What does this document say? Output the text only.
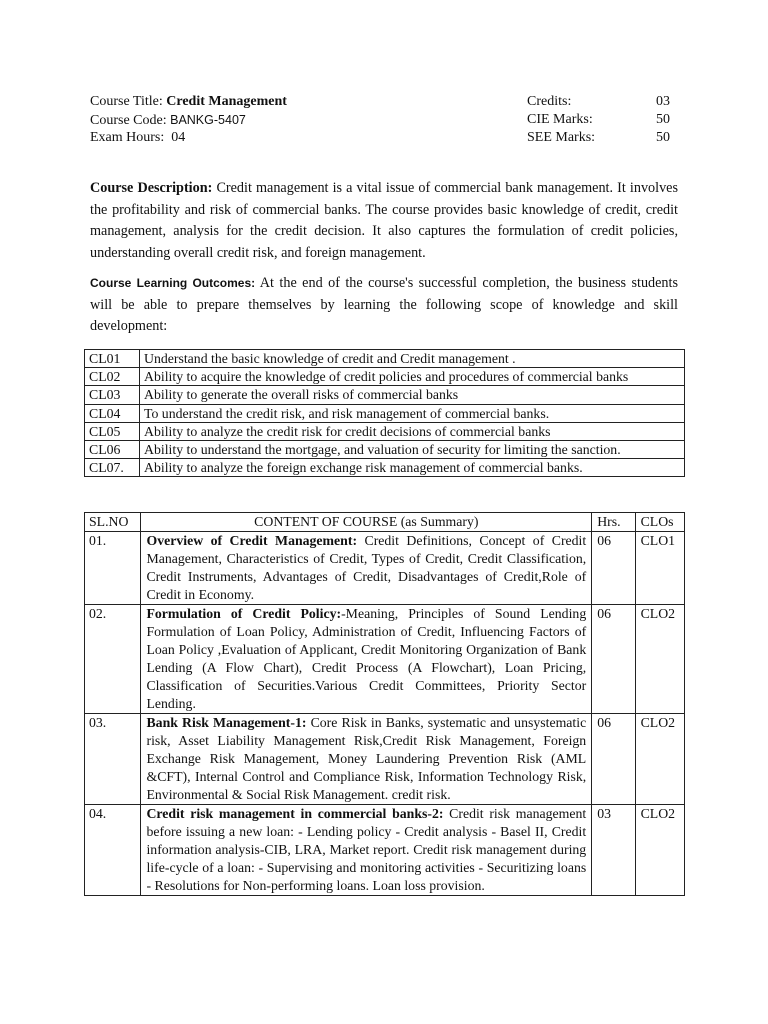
Course Title: Credit Management	Credits:	03
Course Code: BANKG-5407	CIE Marks:	50
Exam Hours: 04	SEE Marks:	50
Course Description: Credit management is a vital issue of commercial bank management. It involves the profitability and risk of commercial banks. The course provides basic knowledge of credit, credit management, analysis for the credit decision. It also captures the formulation of credit policies, understanding overall credit risk, and foreign management.
Course Learning Outcomes: At the end of the course's successful completion, the business students will be able to prepare themselves by learning the following scope of knowledge and skill development:
CL01	Understand the basic knowledge of credit and Credit management .
CL02	Ability to acquire the knowledge of credit policies and procedures of commercial banks
CL03	Ability to generate the overall risks of commercial banks
CL04	To understand the credit risk, and risk management of commercial banks.
CL05	Ability to analyze the credit risk for credit decisions of commercial banks
CL06	Ability to understand the mortgage, and valuation of security for limiting the sanction.
CL07.	Ability to analyze the foreign exchange risk management of commercial banks.
SL.NO	CONTENT OF COURSE (as Summary)	Hrs.	CLOs
01.	Overview of Credit Management: Credit Definitions, Concept of Credit Management, Characteristics of Credit, Types of Credit, Credit Classification, Credit Instruments, Advantages of Credit, Disadvantages of Credit,Role of Credit in Economy.	06	CLO1
02.	Formulation of Credit Policy:-Meaning, Principles of Sound Lending Formulation of Loan Policy, Administration of Credit, Influencing Factors of Loan Policy ,Evaluation of Applicant, Credit Monitoring Organization of Bank Lending (A Flow Chart), Credit Process (A Flowchart), Loan Pricing, Classification of Securities.Various Credit Committees, Priority Sector Lending.	06	CLO2
03.	Bank Risk Management-1: Core Risk in Banks, systematic and unsystematic risk, Asset Liability Management Risk,Credit Risk Management, Foreign Exchange Risk Management, Money Laundering Prevention Risk (AML &CFT), Internal Control and Compliance Risk, Information Technology Risk, Environmental & Social Risk Management. credit risk.	06	CLO2
04.	Credit risk management in commercial banks-2: Credit risk management before issuing a new loan: - Lending policy - Credit analysis - Basel II, Credit information analysis-CIB, LRA, Market report. Credit risk management during life-cycle of a loan: - Supervising and monitoring activities - Securitizing loans - Resolutions for Non-performing loans. Loan loss provision.	03	CLO2
